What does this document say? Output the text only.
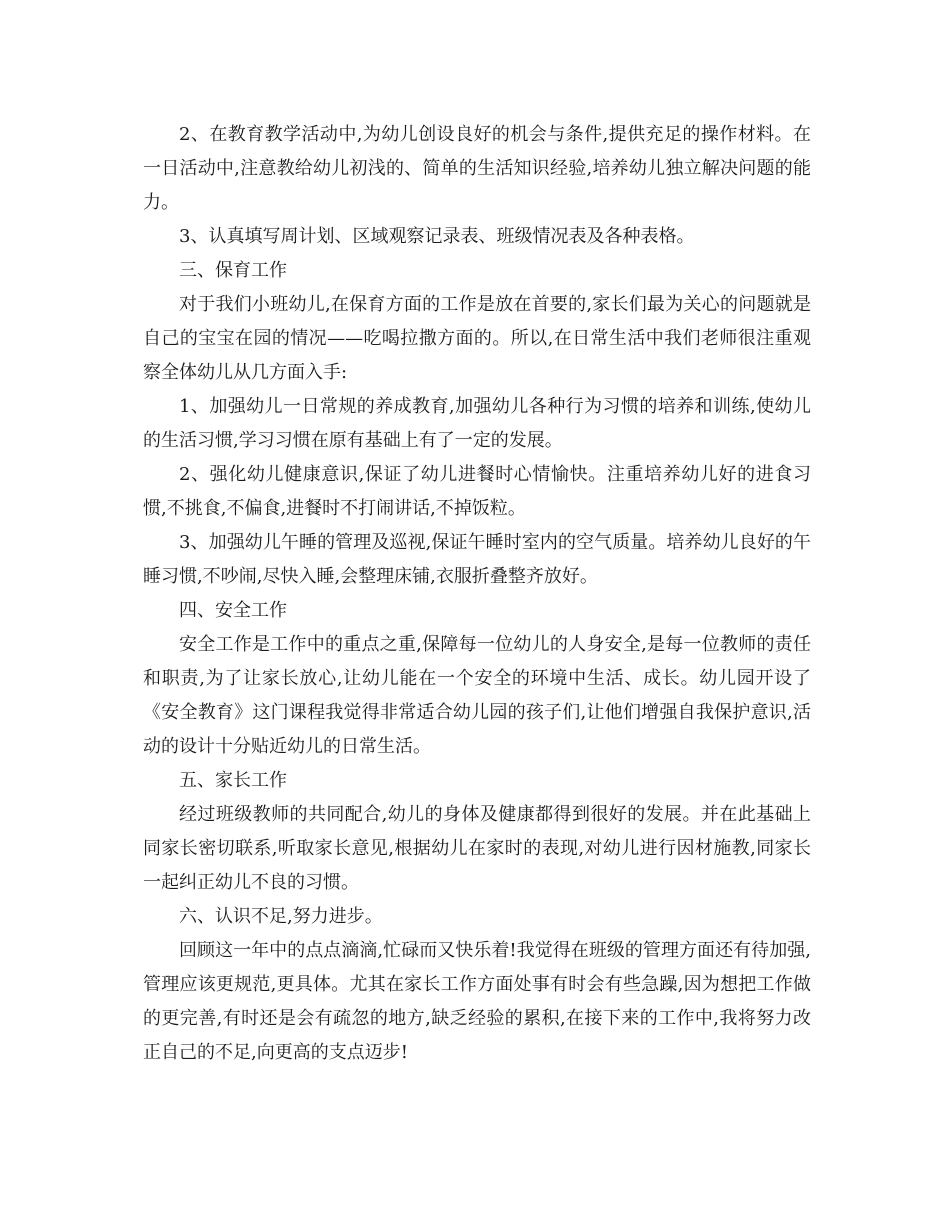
2、在教育教学活动中,为幼儿创设良好的机会与条件,提供充足的操作材料。在一日活动中,注意教给幼儿初浅的、简单的生活知识经验,培养幼儿独立解决问题的能力。

3、认真填写周计划、区域观察记录表、班级情况表及各种表格。

三、保育工作

对于我们小班幼儿,在保育方面的工作是放在首要的,家长们最为关心的问题就是自己的宝宝在园的情况——吃喝拉撒方面的。所以,在日常生活中我们老师很注重观察全体幼儿从几方面入手:

1、加强幼儿一日常规的养成教育,加强幼儿各种行为习惯的培养和训练,使幼儿的生活习惯,学习习惯在原有基础上有了一定的发展。

2、强化幼儿健康意识,保证了幼儿进餐时心情愉快。注重培养幼儿好的进食习惯,不挑食,不偏食,进餐时不打闹讲话,不掉饭粒。

3、加强幼儿午睡的管理及巡视,保证午睡时室内的空气质量。培养幼儿良好的午睡习惯,不吵闹,尽快入睡,会整理床铺,衣服折叠整齐放好。

四、安全工作

安全工作是工作中的重点之重,保障每一位幼儿的人身安全,是每一位教师的责任和职责,为了让家长放心,让幼儿能在一个安全的环境中生活、成长。幼儿园开设了《安全教育》这门课程我觉得非常适合幼儿园的孩子们,让他们增强自我保护意识,活动的设计十分贴近幼儿的日常生活。

五、家长工作

经过班级教师的共同配合,幼儿的身体及健康都得到很好的发展。并在此基础上同家长密切联系,听取家长意见,根据幼儿在家时的表现,对幼儿进行因材施教,同家长一起纠正幼儿不良的习惯。

六、认识不足,努力进步。

回顾这一年中的点点滴滴,忙碌而又快乐着!我觉得在班级的管理方面还有待加强,管理应该更规范,更具体。尤其在家长工作方面处事有时会有些急躁,因为想把工作做的更完善,有时还是会有疏忽的地方,缺乏经验的累积,在接下来的工作中,我将努力改正自己的不足,向更高的支点迈步!
